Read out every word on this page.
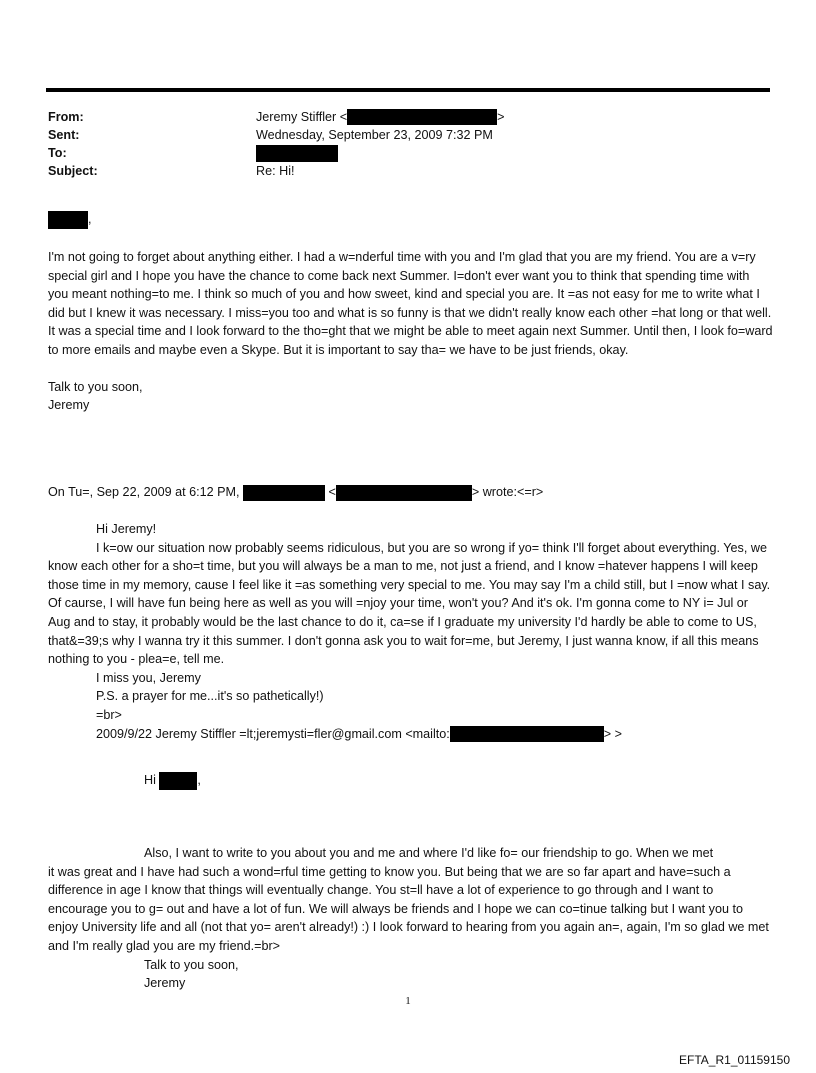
From:	Jeremy Stiffler <	>
Sent:	Wednesday, September 23, 2009 7:32 PM
To:
Subject:	Re: Hi!
,

I'm not going to forget about anything either. I had a w=nderful time with you and I'm glad that you are my friend. You are a v=ry special girl and I hope you have the chance to come back next Summer. I=don't ever want you to think that spending time with you meant nothing=to me. I think so much of you and how sweet, kind and special you are. It =as not easy for me to write what I did but I knew it was necessary. I miss=you too and what is so funny is that we didn't really know each other =hat long or that well. It was a special time and I look forward to the tho=ght that we might be able to meet again next Summer. Until then, I look fo=ward to more emails and maybe even a Skype. But it is important to say tha= we have to be just friends, okay.

Talk to you soon,

Jeremy

On Tu=, Sep 22, 2009 at 6:12 PM,	<	> wrote:<=r>

Hi Jeremy!

I k=ow our situation now probably seems ridiculous, but you are so wrong if yo= think I'll forget about everything. Yes, we know each other for a sho=t time, but you will always be a man to me, not just a friend, and I know =hatever happens I will keep those time in my memory, cause I feel like it =as something very special to me. You may say I'm a child still, but I =now what I say. Of caurse, I will have fun being here as well as you will =njoy your time, won't you? And it's ok. I'm gonna come to NY i= Jul or Aug and to stay, it probably would be the last chance to do it, ca=se if I graduate my university I'd hardly be able to come to US, that&=39;s why I wanna try it this summer. I don't gonna ask you to wait for=me, but Jeremy, I just wanna know, if all this means nothing to you - plea=e, tell me.

I miss you, Jeremy

P.S. a prayer for me...it's so pathetically!)

=br>

2009/9/22 Jeremy Stiffler =lt;jeremysti=fler@gmail.com <mailto:	> >

Hi	,

Also, I want to write to you about you and me and where I'd like fo= our friendship to go. When we met

it was great and I have had such a wond=rful time getting to know you. But being that we are so far apart and have=such a difference in age I know that things will eventually change. You st=ll have a lot of experience to go through and I want to encourage you to g= out and have a lot of fun. We will always be friends and I hope we can co=tinue talking but I want you to enjoy University life and all (not that yo= aren't already!) :) I look forward to hearing from you again an=, again, I'm so glad we met and I'm really glad you are my friend.=br>

Talk to you soon,

Jeremy

1
EFTA_R1_01159150
